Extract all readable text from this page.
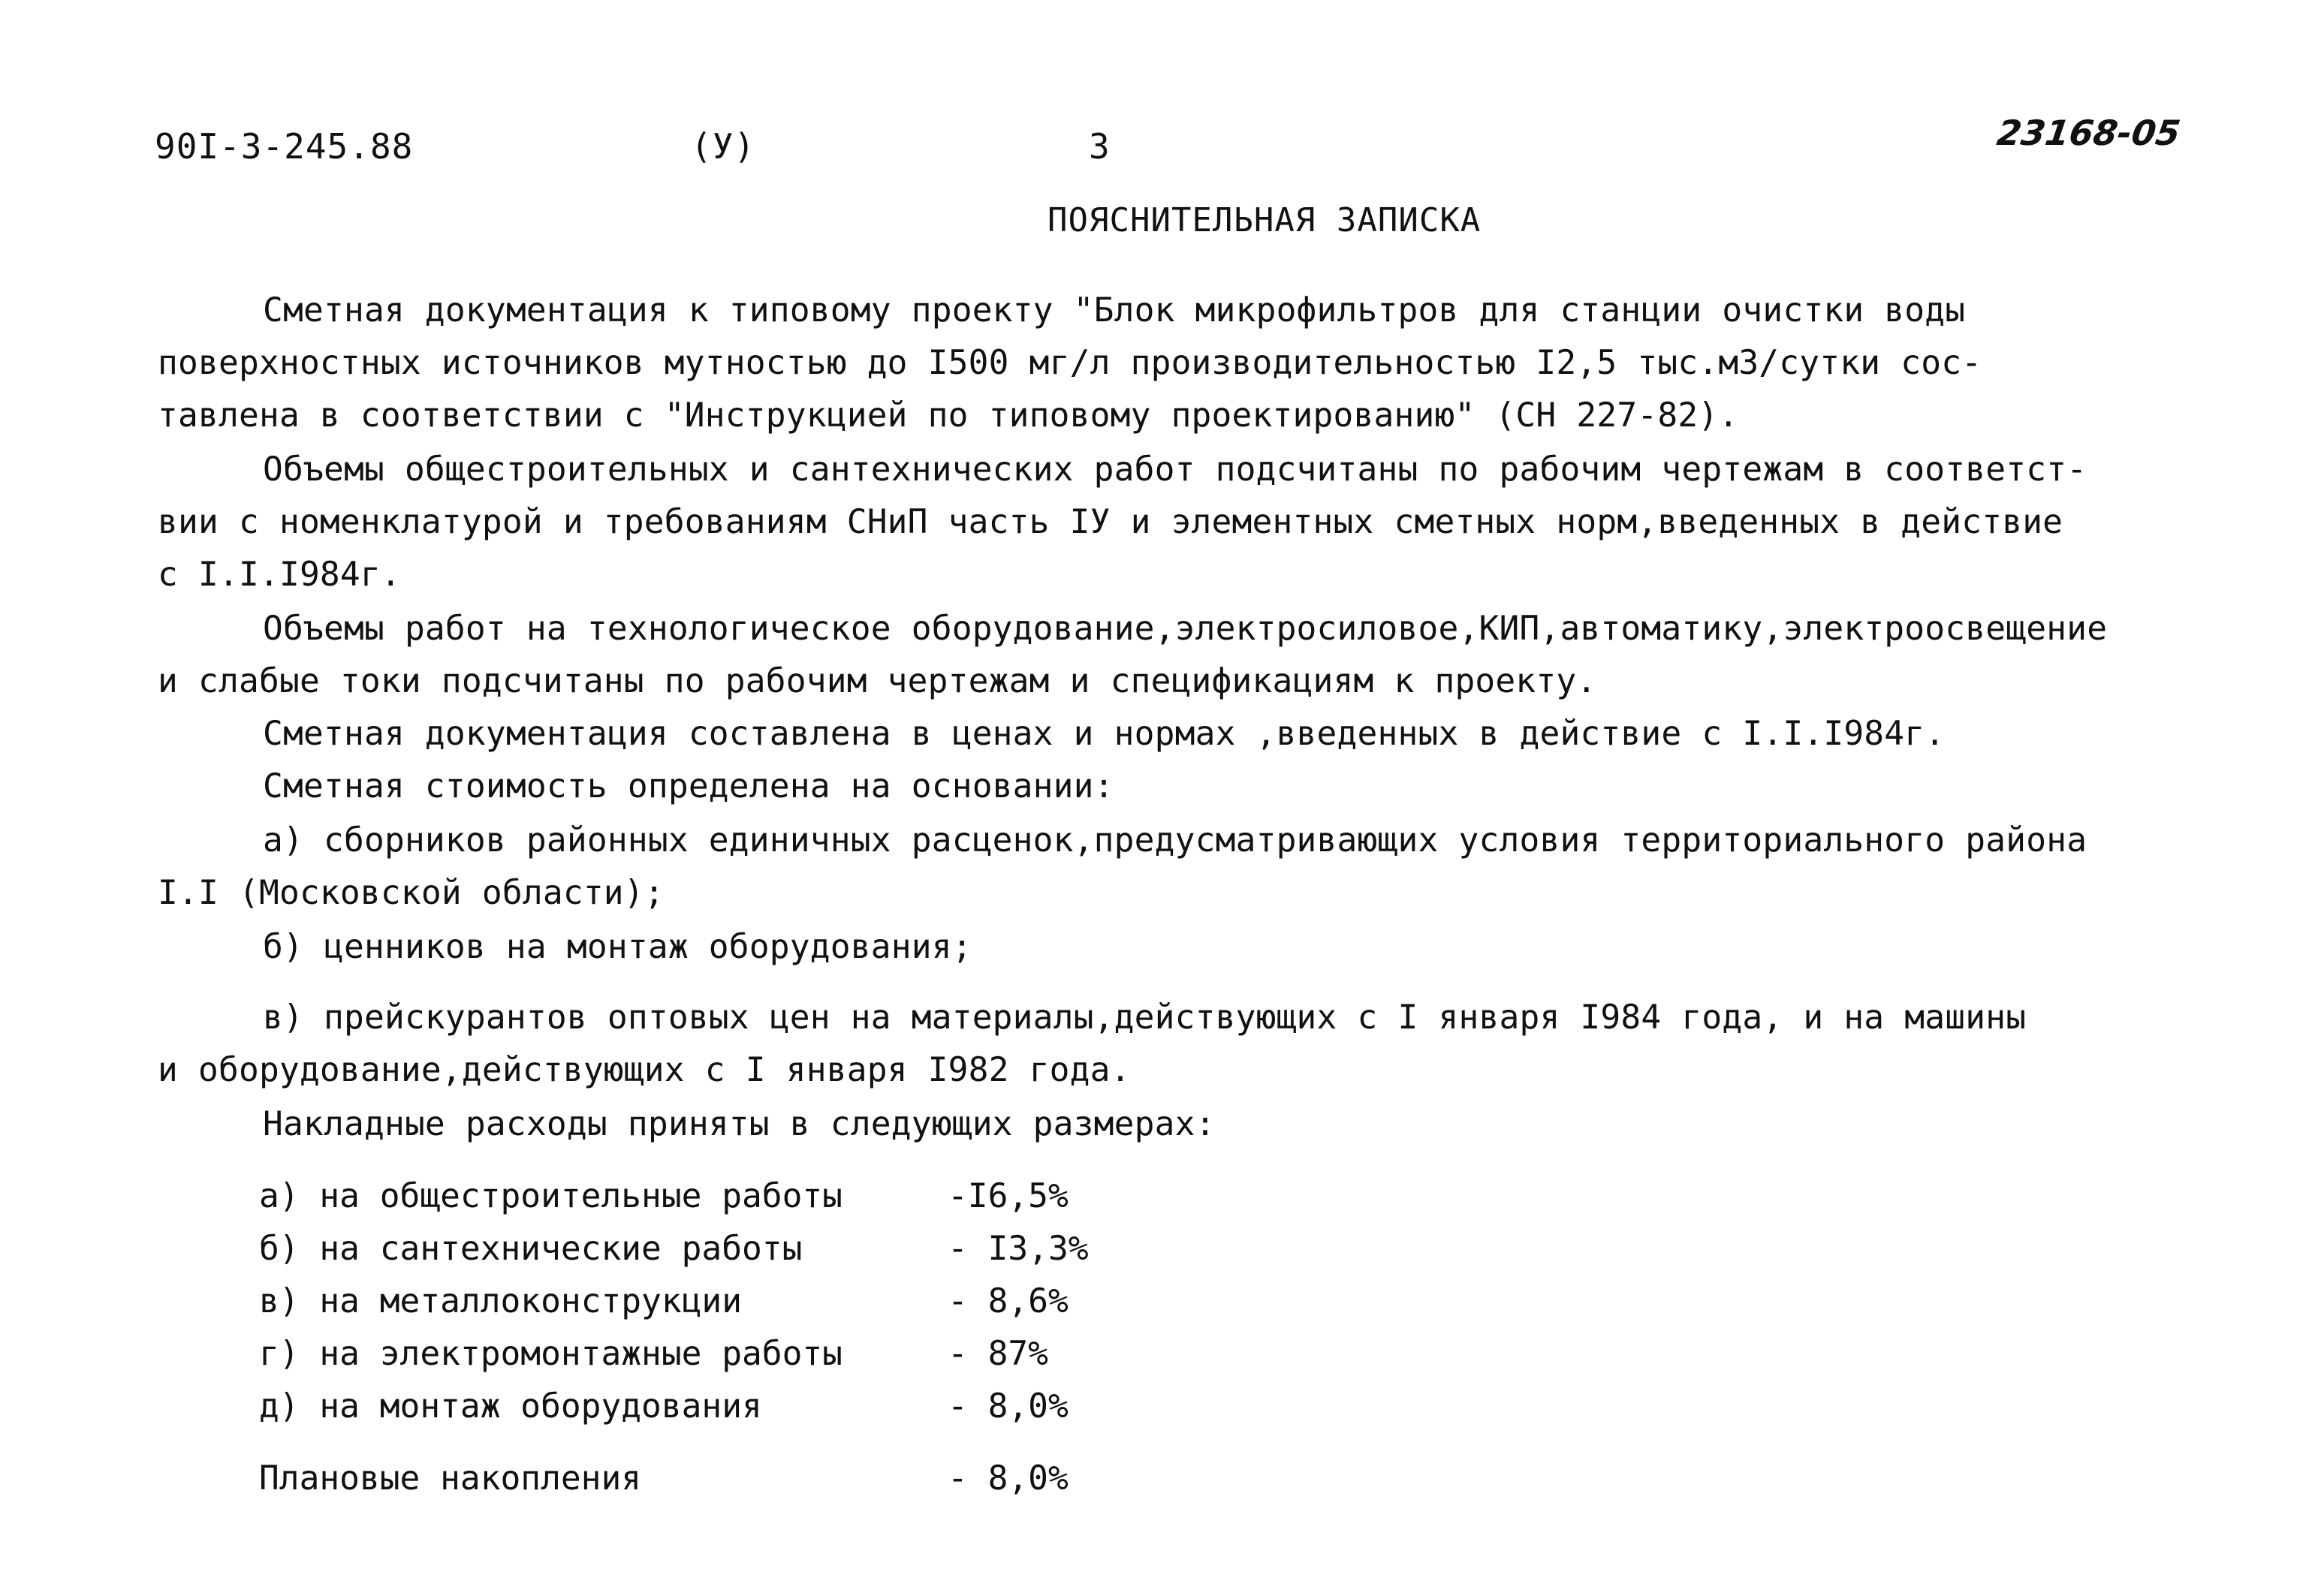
90I-3-245.88	(У)	3	23168-05
ПОЯСНИТЕЛЬНАЯ ЗАПИСКА
Сметная документация к типовому проекту "Блок микрофильтров для станции очистки воды
поверхностных источников мутностью до I500 мг/л производительностью I2,5 тыс.м3/сутки сос-
тавлена в соответствии с "Инструкцией по типовому проектированию" (СН 227-82).
Объемы общестроительных и сантехнических работ подсчитаны по рабочим чертежам в соответст-
вии с номенклатурой и требованиям СНиП часть IУ и элементных сметных норм,введенных в действие
с I.I.I984г.
Объемы работ на технологическое оборудование,электросиловое,КИП,автоматику,электроосвещение
и слабые токи подсчитаны по рабочим чертежам и спецификациям к проекту.
Сметная документация составлена в ценах и нормах ,введенных в действие с I.I.I984г.
Сметная стоимость определена на основании:
а) сборников районных единичных расценок,предусматривающих условия территориального района
I.I (Московской области);
б) ценников на монтаж оборудования;
в) прейскурантов оптовых цен на материалы,действующих с I января I984 года, и на машины
и оборудование,действующих с I января I982 года.
Накладные расходы приняты в следующих размерах:
а) на общестроительные работы	-I6,5%
б) на сантехнические работы	- I3,3%
в) на металлоконструкции	- 8,6%
г) на электромонтажные работы	- 87%
д) на монтаж оборудования	- 8,0%
Плановые накопления	- 8,0%
